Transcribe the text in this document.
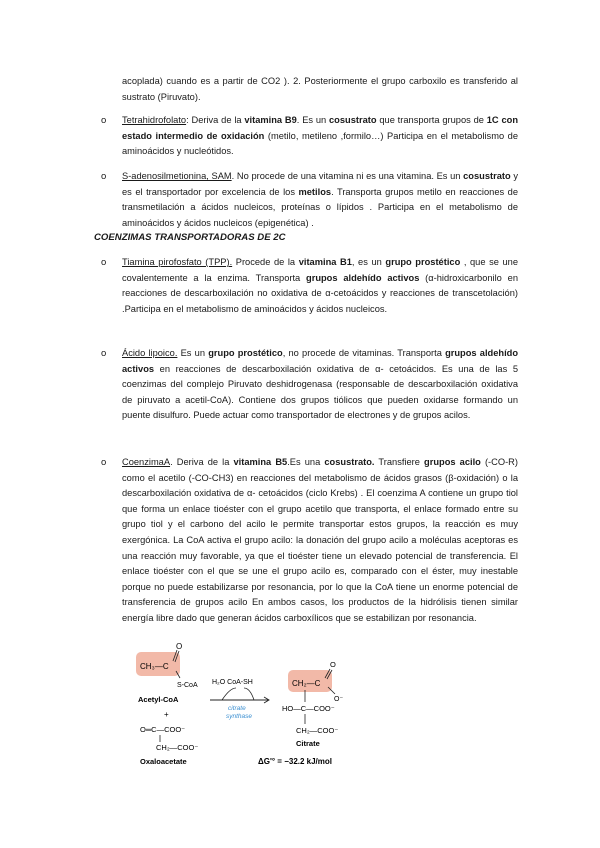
acoplada) cuando es a partir de CO2 ). 2. Posteriormente el grupo carboxilo es transferido al sustrato (Piruvato).
o Tetrahidrofolato: Deriva de la vitamina B9. Es un cosustrato que transporta grupos de 1C con estado intermedio de oxidación (metilo, metileno ,formilo…) Participa en el metabolismo de aminoácidos y nucleótidos.
o S-adenosilmetionina, SAM. No procede de una vitamina ni es una vitamina. Es un cosustrato y es el transportador por excelencia de los metilos. Transporta grupos metilo en reacciones de transmetilación a ácidos nucleicos, proteínas o lípidos . Participa en el metabolismo de aminoácidos y ácidos nucleicos (epigenética) .
COENZIMAS TRANSPORTADORAS DE 2C
o Tiamina pirofosfato (TPP). Procede de la vitamina B1, es un grupo prostético , que se une covalentemente a la enzima. Transporta grupos aldehído activos (α-hidroxicarbonilo en reacciones de descarboxilación no oxidativa de α-cetoácidos y reacciones de transcetolación) .Participa en el metabolismo de aminoácidos y ácidos nucleicos.
o Ácido lipoico. Es un grupo prostético, no procede de vitaminas. Transporta grupos aldehído activos en reacciones de descarboxilación oxidativa de α- cetoácidos. Es una de las 5 coenzimas del complejo Piruvato deshidrogenasa (responsable de descarboxilación oxidativa de piruvato a acetil-CoA). Contiene dos grupos tiólicos que pueden oxidarse formando un puente disulfuro. Puede actuar como transportador de electrones y de grupos acilos.
o CoenzimaA. Deriva de la vitamina B5.Es una cosustrato. Transfiere grupos acilo (-CO-R) como el acetilo (-CO-CH3) en reacciones del metabolismo de ácidos grasos (β-oxidación) o la descarboxilación oxidativa de α- cetoácidos (ciclo Krebs) . El coenzima A contiene un grupo tiol que forma un enlace tioéster con el grupo acetilo que transporta, el enlace formado entre su grupo tiol y el carbono del acilo le permite transportar estos grupos, la reacción es muy exergónica. La CoA activa el grupo acilo: la donación del grupo acilo a moléculas aceptoras es una reacción muy favorable, ya que el tioéster tiene un elevado potencial de transferencia. El enlace tioéster con el que se une el grupo acilo es, comparado con el éster, muy inestable porque no puede estabilizarse por resonancia, por lo que la CoA tiene un enorme potencial de transferencia de grupos acilo En ambos casos, los productos de la hidrólisis tienen similar energía libre dado que generan ácidos carboxílicos que se estabilizan por resonancia.
CH₃—C
O
S-CoA
Acetyl-CoA
+
O═C—COO⁻
CH₂—COO⁻
Oxaloacetate
H₂O CoA-SH
citrate
synthase
CH₂—C
O
O⁻
HO—C—COO⁻
CH₂—COO⁻
Citrate
ΔG'° = −32.2 kJ/mol
